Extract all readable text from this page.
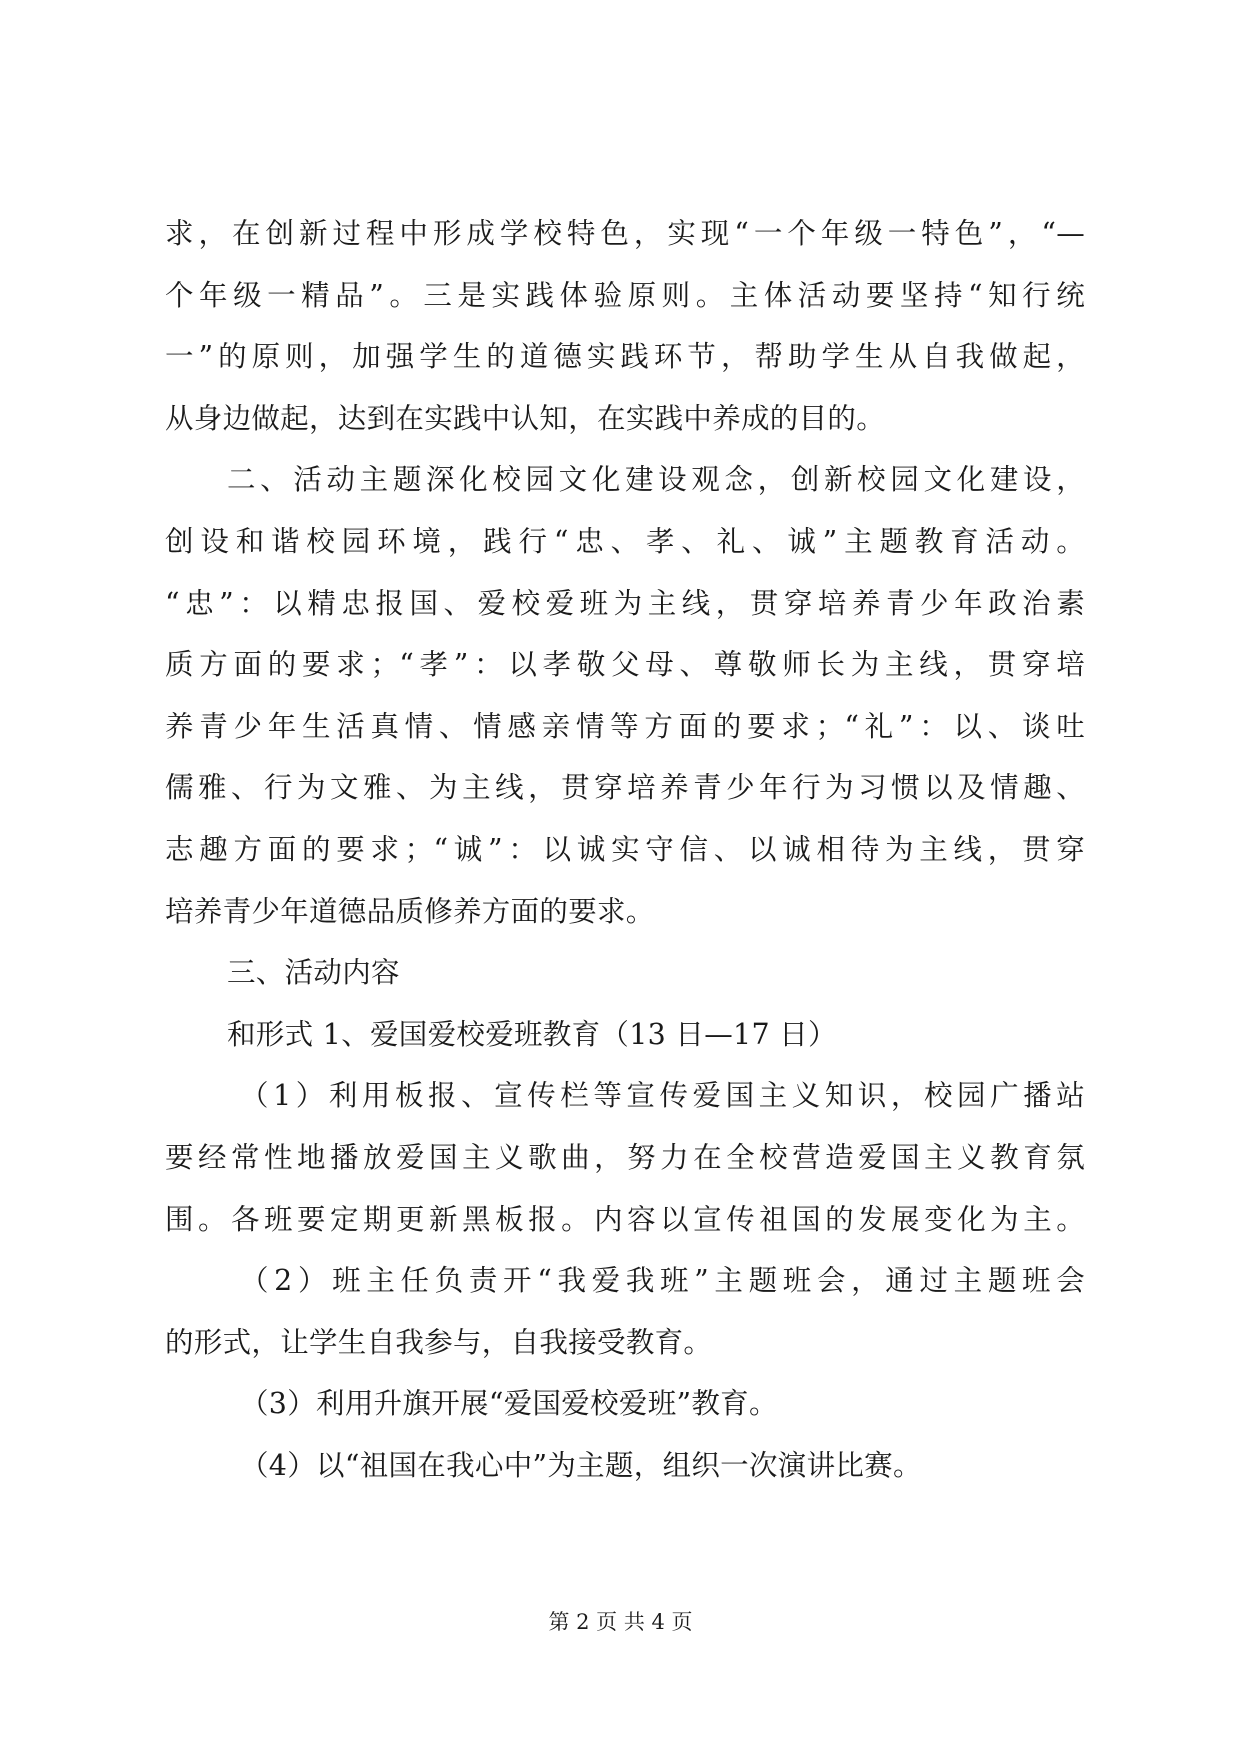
求，在创新过程中形成学校特色，实现“一个年级一特色”，“—
个年级一精品”。三是实践体验原则。主体活动要坚持“知行统
一”的原则，加强学生的道德实践环节，帮助学生从自我做起，
从身边做起，达到在实践中认知，在实践中养成的目的。
二、活动主题深化校园文化建设观念，创新校园文化建设，
创设和谐校园环境，践行“忠、孝、礼、诚”主题教育活动。
“忠”：以精忠报国、爱校爱班为主线，贯穿培养青少年政治素
质方面的要求；“孝”：以孝敬父母、尊敬师长为主线，贯穿培
养青少年生活真情、情感亲情等方面的要求；“礼”：以、谈吐
儒雅、行为文雅、为主线，贯穿培养青少年行为习惯以及情趣、
志趣方面的要求；“诚”：以诚实守信、以诚相待为主线，贯穿
培养青少年道德品质修养方面的要求。
三、活动内容
和形式 1、爱国爱校爱班教育（13 日—17 日）
（1）利用板报、宣传栏等宣传爱国主义知识，校园广播站
要经常性地播放爱国主义歌曲，努力在全校营造爱国主义教育氛
围。各班要定期更新黑板报。内容以宣传祖国的发展变化为主。
（2）班主任负责开“我爱我班”主题班会，通过主题班会
的形式，让学生自我参与，自我接受教育。
（3）利用升旗开展“爱国爱校爱班”教育。
（4）以“祖国在我心中”为主题，组织一次演讲比赛。
第 2 页 共 4 页
